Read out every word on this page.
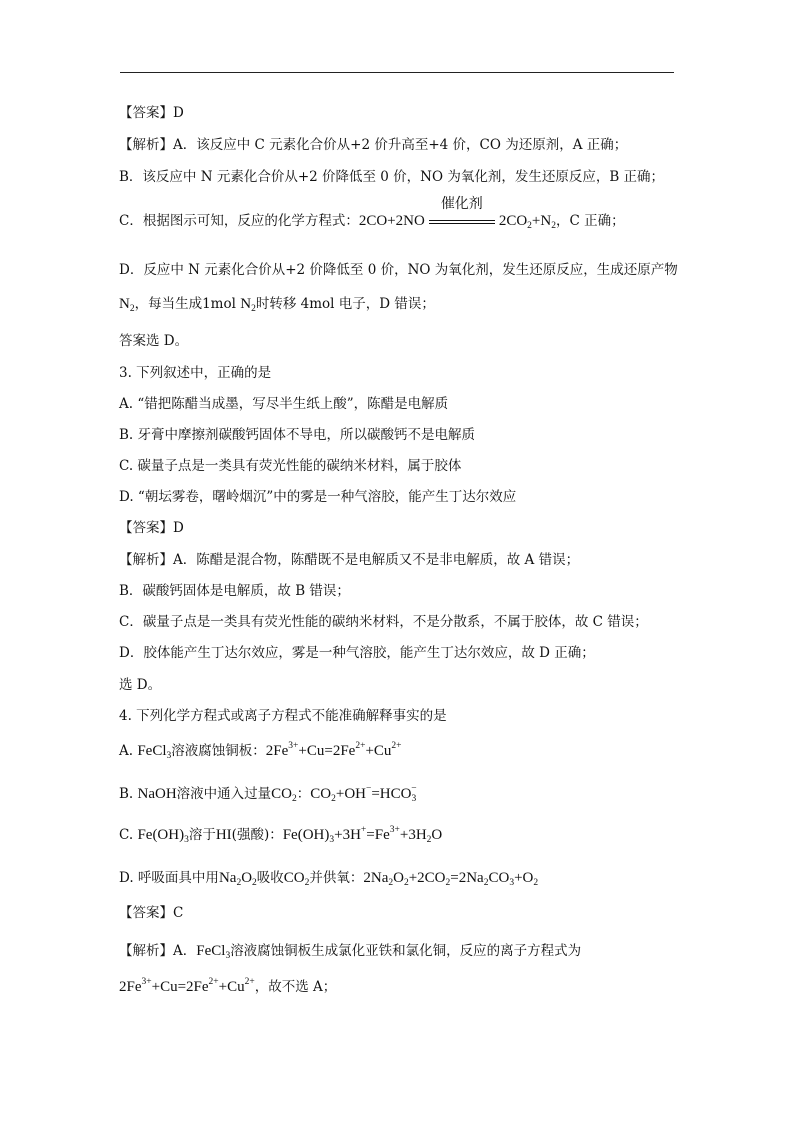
【答案】D
【解析】A．该反应中 C 元素化合价从+2 价升高至+4 价，CO 为还原剂，A 正确；
B．该反应中 N 元素化合价从+2 价降低至 0 价，NO 为氧化剂，发生还原反应，B 正确；
C．根据图示可知，反应的化学方程式：2CO+2NO
催化剂
$2CO_2+N_2$，C 正确；
D．反应中 N 元素化合价从+2 价降低至 0 价，NO 为氧化剂，发生还原反应，生成还原产物
$N_2$，每当生成1mol $N_2$时转移 4mol 电子，D 错误；
答案选 D。
3. 下列叙述中，正确的是
A. “错把陈醋当成墨，写尽半生纸上酸”，陈醋是电解质
B. 牙膏中摩擦剂碳酸钙固体不导电，所以碳酸钙不是电解质
C. 碳量子点是一类具有荧光性能的碳纳米材料，属于胶体
D. “朝坛雾卷，曙岭烟沉”中的雾是一种气溶胶，能产生丁达尔效应
【答案】D
【解析】A．陈醋是混合物，陈醋既不是电解质又不是非电解质，故 A 错误；
B．碳酸钙固体是电解质，故 B 错误；
C．碳量子点是一类具有荧光性能的碳纳米材料，不是分散系，不属于胶体，故 C 错误；
D．胶体能产生丁达尔效应，雾是一种气溶胶，能产生丁达尔效应，故 D 正确；
选 D。
4. 下列化学方程式或离子方程式不能准确解释事实的是
A. FeCl$_3$溶液腐蚀铜板：$2Fe^{3+}+Cu=2Fe^{2+}+Cu^{2+}$
B. NaOH溶液中通入过量$CO_2$：$CO_2+OH^-=HCO_3^-$
C. $Fe(OH)_3$溶于HI(强酸)：$Fe(OH)_3+3H^+=Fe^{3+}+3H_2O$
D. 呼吸面具中用$Na_2O_2$吸收$CO_2$并供氧：$2Na_2O_2+2CO_2=2Na_2CO_3+O_2$
【答案】C
【解析】A．FeCl$_3$溶液腐蚀铜板生成氯化亚铁和氯化铜，反应的离子方程式为
$2Fe^{3+}+Cu=2Fe^{2+}+Cu^{2+}$，故不选 A；
